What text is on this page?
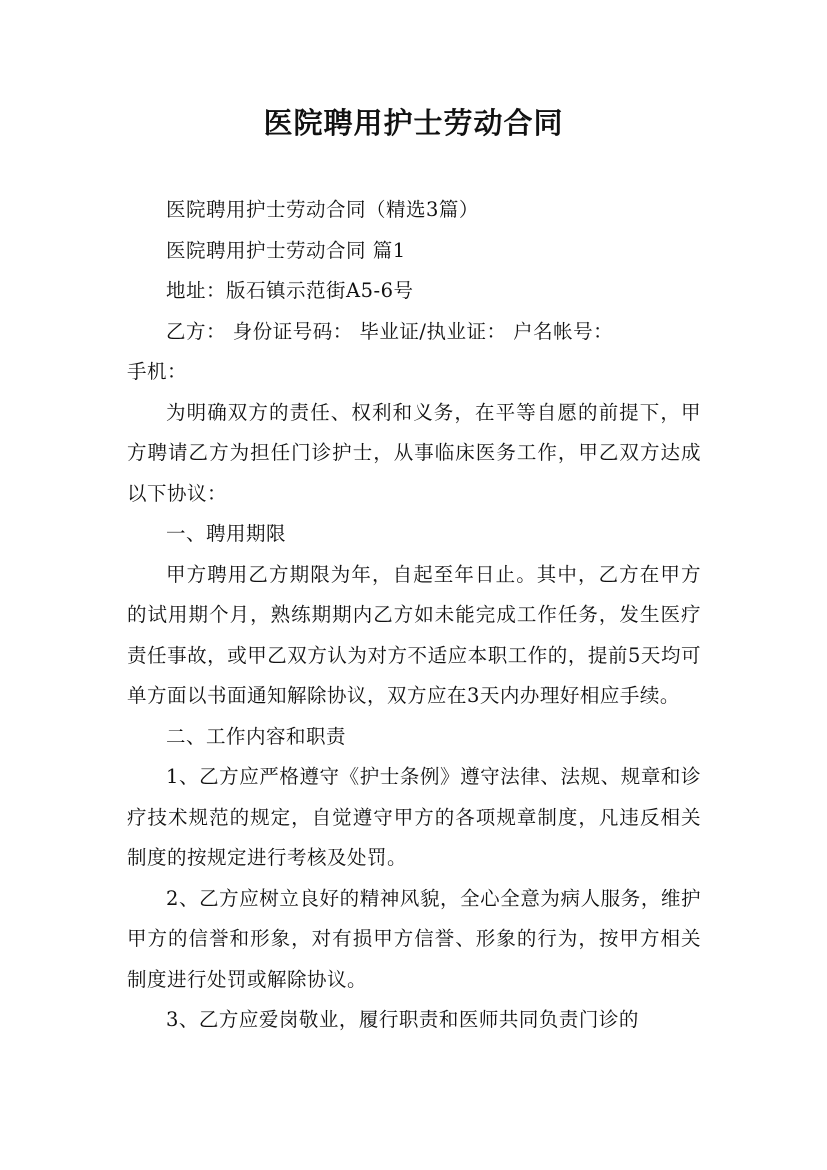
医院聘用护士劳动合同

医院聘用护士劳动合同（精选3篇）

医院聘用护士劳动合同 篇1

地址：版石镇示范街A5-6号

乙方： 身份证号码： 毕业证/执业证： 户名帐号：

手机：

为明确双方的责任、权利和义务，在平等自愿的前提下，甲方聘请乙方为担任门诊护士，从事临床医务工作，甲乙双方达成以下协议：

一、聘用期限

甲方聘用乙方期限为年，自起至年日止。其中，乙方在甲方的试用期个月，熟练期期内乙方如未能完成工作任务，发生医疗责任事故，或甲乙双方认为对方不适应本职工作的，提前5天均可单方面以书面通知解除协议，双方应在3天内办理好相应手续。

二、工作内容和职责

1、乙方应严格遵守《护士条例》遵守法律、法规、规章和诊疗技术规范的规定，自觉遵守甲方的各项规章制度，凡违反相关制度的按规定进行考核及处罚。

2、乙方应树立良好的精神风貌，全心全意为病人服务，维护甲方的信誉和形象，对有损甲方信誉、形象的行为，按甲方相关制度进行处罚或解除协议。

3、乙方应爱岗敬业，履行职责和医师共同负责门诊的
